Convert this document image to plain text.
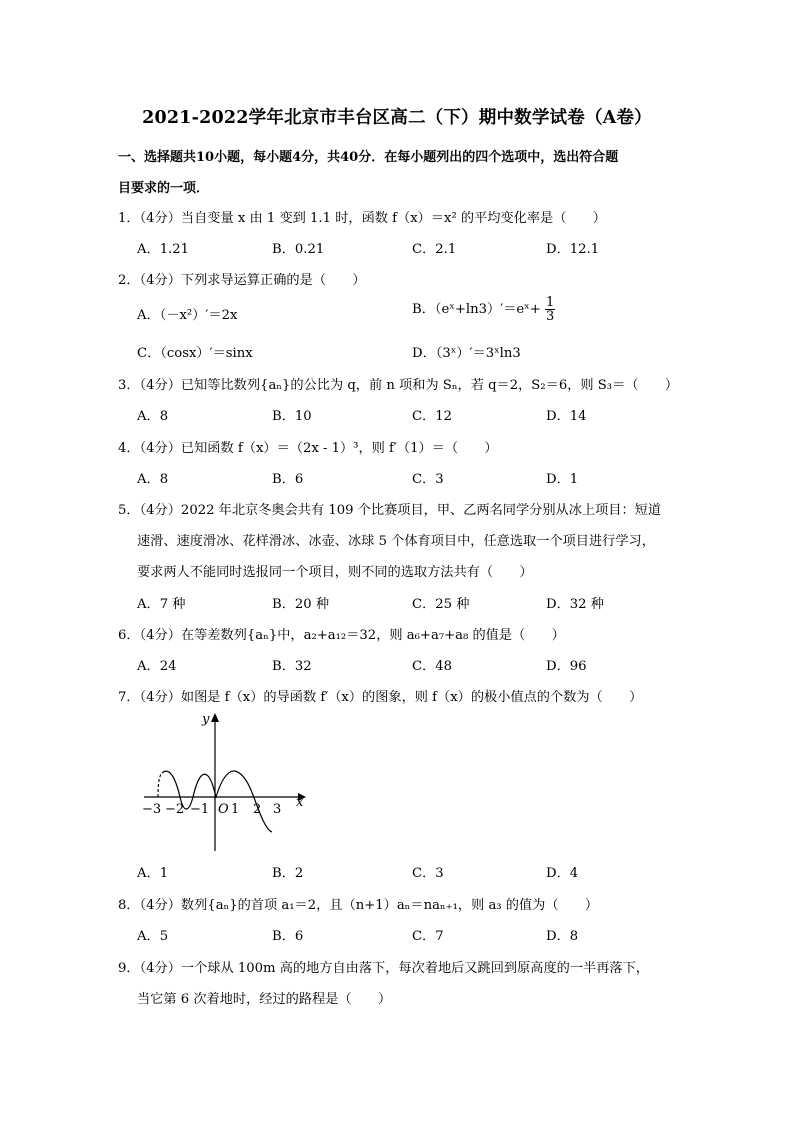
2021-2022学年北京市丰台区高二（下）期中数学试卷（A卷）
一、选择题共10小题，每小题4分，共40分．在每小题列出的四个选项中，选出符合题
目要求的一项．
1．（4分）当自变量 x 由 1 变到 1.1 时，函数 f（x）＝x² 的平均变化率是（　　）
A．1.21	B．0.21	C．2.1	D．12.1
2．（4分）下列求导运算正确的是（　　）
A．（－x²）′＝2x	B．（eˣ+ln3）′＝eˣ+ $\frac{1}{3}$
C．（cosx）′＝sinx	D．（3ˣ）′＝3ˣln3
3．（4分）已知等比数列{aₙ}的公比为 q，前 n 项和为 Sₙ，若 q＝2，S₂＝6，则 S₃＝（　　）
A．8	B．10	C．12	D．14
4．（4分）已知函数 f（x）＝（2x - 1）³，则 f′（1）＝（　　）
A．8	B．6	C．3	D．1
5．（4分）2022 年北京冬奥会共有 109 个比赛项目，甲、乙两名同学分别从冰上项目：短道
速滑、速度滑冰、花样滑冰、冰壶、冰球 5 个体育项目中，任意选取一个项目进行学习，
要求两人不能同时选报同一个项目，则不同的选取方法共有（　　）
A．7 种	B．20 种	C．25 种	D．32 种
6．（4分）在等差数列{aₙ}中，a₂+a₁₂＝32，则 a₆+a₇+a₈ 的值是（　　）
A．24	B．32	C．48	D．96
7．（4分）如图是 f（x）的导函数 f′（x）的图象，则 f（x）的极小值点的个数为（　　）
y
x
−3 −2 −1 O 1 2 3
A．1	B．2	C．3	D．4
8．（4分）数列{aₙ}的首项 a₁＝2，且（n+1）aₙ＝naₙ₊₁，则 a₃ 的值为（　　）
A．5	B．6	C．7	D．8
9．（4分）一个球从 100m 高的地方自由落下，每次着地后又跳回到原高度的一半再落下，
当它第 6 次着地时，经过的路程是（　　）
